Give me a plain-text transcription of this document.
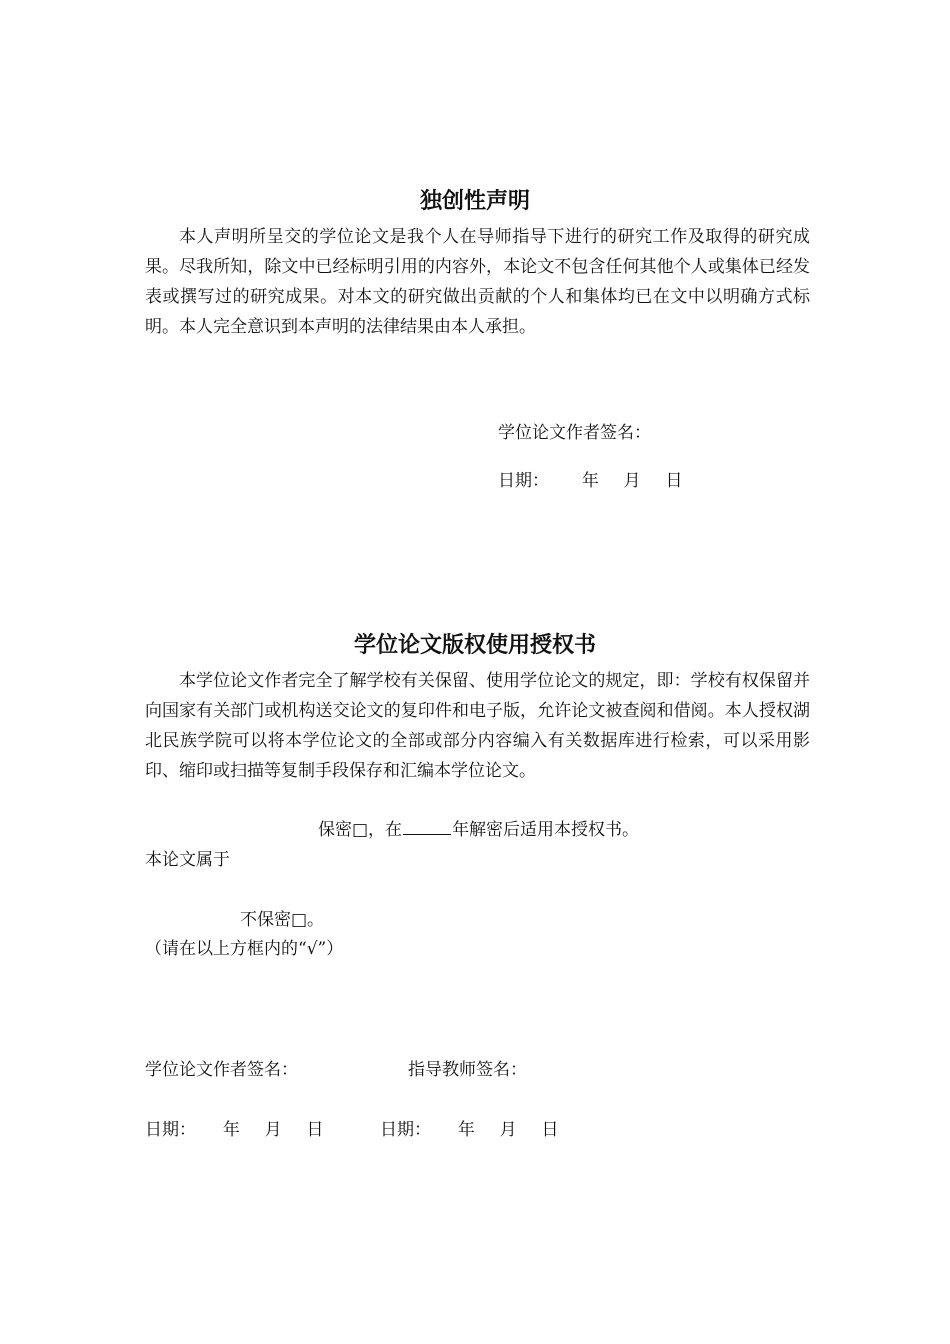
独创性声明
本人声明所呈交的学位论文是我个人在导师指导下进行的研究工作及取得的研究成果。尽我所知，除文中已经标明引用的内容外，本论文不包含任何其他个人或集体已经发表或撰写过的研究成果。对本文的研究做出贡献的个人和集体均已在文中以明确方式标明。本人完全意识到本声明的法律结果由本人承担。
学位论文作者签名：
日期： 年 月 日
学位论文版权使用授权书
本学位论文作者完全了解学校有关保留、使用学位论文的规定，即：学校有权保留并向国家有关部门或机构送交论文的复印件和电子版，允许论文被查阅和借阅。本人授权湖北民族学院可以将本学位论文的全部或部分内容编入有关数据库进行检索，可以采用影印、缩印或扫描等复制手段保存和汇编本学位论文。
保密□，在	年解密后适用本授权书。
本论文属于
不保密□。
（请在以上方框内的“√”）
学位论文作者签名：	指导教师签名：
日期： 年 月 日	日期： 年 月 日
